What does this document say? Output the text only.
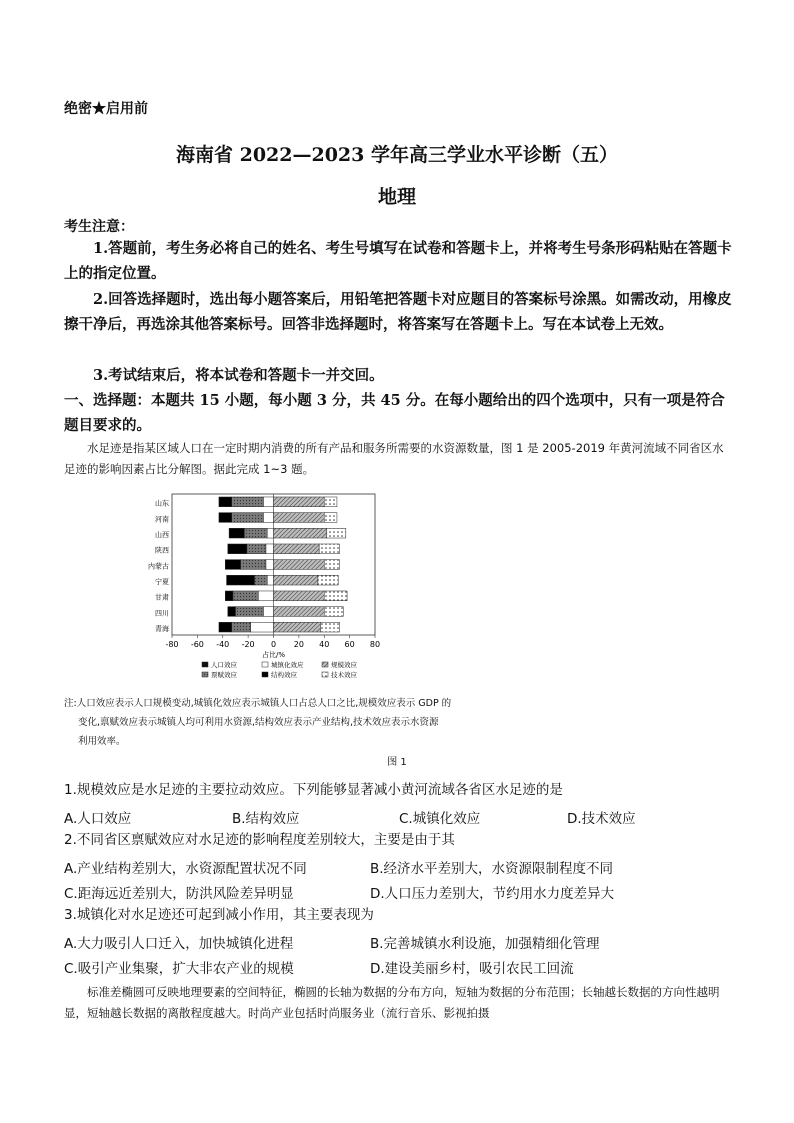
绝密★启用前
海南省 2022—2023 学年高三学业水平诊断（五）
地理
考生注意：
1.答题前，考生务必将自己的姓名、考生号填写在试卷和答题卡上，并将考生号条形码粘贴在答题卡上的指定位置。
2.回答选择题时，选出每小题答案后，用铅笔把答题卡对应题目的答案标号涂黑。如需改动，用橡皮擦干净后，再选涂其他答案标号。回答非选择题时，将答案写在答题卡上。写在本试卷上无效。
3.考试结束后，将本试卷和答题卡一并交回。
一、选择题：本题共 15 小题，每小题 3 分，共 45 分。在每小题给出的四个选项中，只有一项是符合题目要求的。
水足迹是指某区域人口在一定时期内消费的所有产品和服务所需要的水资源数量，图 1 是 2005-2019 年黄河流域不同省区水足迹的影响因素占比分解图。据此完成 1~3 题。
-80 -60 -40 -20 0 20 40 60 80
占比/%
山东
河南
山西
陕西
内蒙古
宁夏
甘肃
四川
青海
人口效应	城镇化效应	规模效应
票赋效应	结构效应	技术效应
注:人口效应表示人口规模变动,城镇化效应表示城镇人口占总人口之比,规模效应表示 GDP 的
变化,禀赋效应表示城镇人均可利用水资源,结构效应表示产业结构,技术效应表示水资源
利用效率。
图 1
1.规模效应是水足迹的主要拉动效应。下列能够显著减小黄河流域各省区水足迹的是
A.人口效应	B.结构效应	C.城镇化效应	D.技术效应
2.不同省区禀赋效应对水足迹的影响程度差别较大，主要是由于其
A.产业结构差别大，水资源配置状况不同	B.经济水平差别大，水资源限制程度不同
C.距海远近差别大，防洪风险差异明显	D.人口压力差别大，节约用水力度差异大
3.城镇化对水足迹还可起到减小作用，其主要表现为
A.大力吸引人口迁入，加快城镇化进程	B.完善城镇水利设施，加强精细化管理
C.吸引产业集聚，扩大非农产业的规模	D.建设美丽乡村，吸引农民工回流
标准差椭圆可反映地理要素的空间特征，椭圆的长轴为数据的分布方向，短轴为数据的分布范围；长轴越长数据的方向性越明显，短轴越长数据的离散程度越大。时尚产业包括时尚服务业（流行音乐、影视拍摄
